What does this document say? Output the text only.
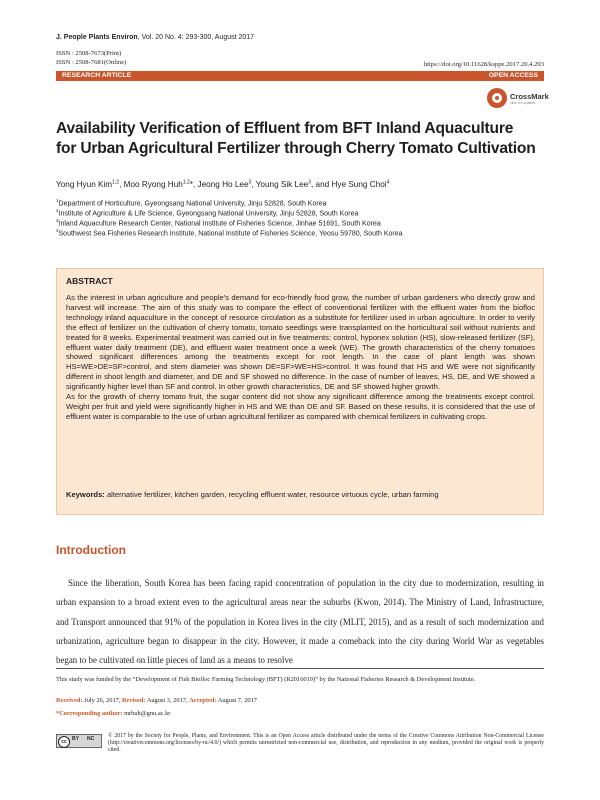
J. People Plants Environ, Vol. 20 No. 4: 293-300, August 2017
ISSN : 2508-7673(Print)
ISSN : 2508-7681(Online)	https://doi.org/10.11628/ksppe.2017.20.4.293
RESEARCH ARTICLE	OPEN ACCESS
CrossMark
click for updates
Availability Verification of Effluent from BFT Inland Aquaculture
for Urban Agricultural Fertilizer through Cherry Tomato Cultivation
Yong Hyun Kim$^{1,2}$, Moo Ryong Huh$^{1,2}$*, Jeong Ho Lee$^3$, Young Sik Lee$^3$, and Hye Sung Choi$^4$
$^1$Department of Horticulture, Gyeongsang National University, Jinju 52828, South Korea
$^2$Institute of Agriculture & Life Science, Gyeongsang National University, Jinju 52828, South Korea
$^3$Inland Aquaculture Research Center, National Institute of Fisheries Science, Jinhae 51691, South Korea
$^4$Southwest Sea Fisheries Research Institute, National Institute of Fisheries Science, Yeosu 59780, South Korea
ABSTRACT

As the interest in urban agriculture and people's demand for eco-friendly food grow, the number of urban gardeners who directly grow and harvest will increase. The aim of this study was to compare the effect of conventional fertilizer with the effluent water from the biofloc technology inland aquaculture in the concept of resource circulation as a substitute for fertilizer used in urban agriculture. In order to verify the effect of fertilizer on the cultivation of cherry tomato, tomato seedlings were transplanted on the horticultural soil without nutrients and treated for 8 weeks. Experimental treatment was carried out in five treatments: control, hyponex solution (HS), slow-released fertilizer (SF), effluent water daily treatment (DE), and effluent water treatment once a week (WE). The growth characteristics of the cherry tomatoes showed significant differences among the treatments except for root length. In the case of plant length was shown HS=WE>DE=SF>control, and stem diameter was shown DE=SF>WE=HS>control. It was found that HS and WE were not significantly different in shoot length and diameter, and DE and SF showed no difference. In the case of number of leaves, HS, DE, and WE showed a significantly higher level than SF and control. In other growth characteristics, DE and SF showed higher growth.

As for the growth of cherry tomato fruit, the sugar content did not show any significant difference among the treatments except control. Weight per fruit and yield were significantly higher in HS and WE than DE and SF. Based on these results, it is considered that the use of effluent water is comparable to the use of urban agricultural fertilizer as compared with chemical fertilizers in cultivating crops.

Keywords: alternative fertilizer, kitchen garden, recycling effluent water, resource virtuous cycle, urban farming
Introduction

Since the liberation, South Korea has been facing rapid concentration of population in the city due to modernization, resulting in urban expansion to a broad extent even to the agricultural areas near the suburbs (Kwon, 2014). The Ministry of Land, Infrastructure, and Transport announced that 91% of the population in Korea lives in the city (MLIT, 2015), and as a result of such modernization and urbanization, agriculture began to disappear in the city. However, it made a comeback into the city during World War as vegetables began to be cultivated on little pieces of land as a means to resolve

This study was funded by the “Development of Fish Biofloc Farming Technology (BFT) (R2016019)” by the National Fisheries Research & Development Institute.
Received: July 26, 2017, Revised: August 3, 2017, Accepted: August 7, 2017
*Corresponding author: mrhuh@gnu.ac.kr
cc	BY NC © 2017 by the Society for People, Plants, and Environment. This is an Open Access article distributed under the terms of the Creative Commons Attribution Non-Commercial License (http://creativecommons.org/licenses/by-nc/4.0/) which permits unrestricted non-commercial use, distribution, and reproduction in any medium, provided the original work is properly cited.
